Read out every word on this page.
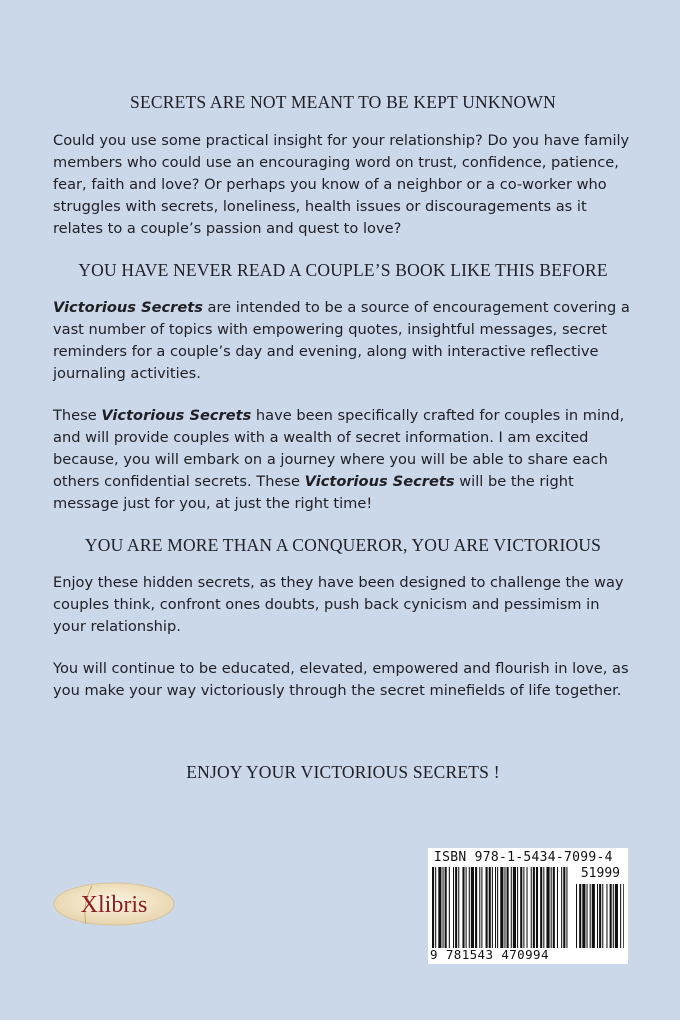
SECRETS ARE NOT MEANT TO BE KEPT UNKNOWN

Could you use some practical insight for your relationship? Do you have family members who could use an encouraging word on trust, confidence, patience, fear, faith and love? Or perhaps you know of a neighbor or a co-worker who struggles with secrets, loneliness, health issues or discouragements as it relates to a couple’s passion and quest to love?

YOU HAVE NEVER READ A COUPLE’S BOOK LIKE THIS BEFORE

Victorious Secrets are intended to be a source of encouragement covering a vast number of topics with empowering quotes, insightful messages, secret reminders for a couple’s day and evening, along with interactive reflective journaling activities.

These Victorious Secrets have been specifically crafted for couples in mind, and will provide couples with a wealth of secret information. I am excited because, you will embark on a journey where you will be able to share each others confidential secrets. These Victorious Secrets will be the right message just for you, at just the right time!

YOU ARE MORE THAN A CONQUEROR, YOU ARE VICTORIOUS

Enjoy these hidden secrets, as they have been designed to challenge the way couples think, confront ones doubts, push back cynicism and pessimism in your relationship.

You will continue to be educated, elevated, empowered and flourish in love, as you make your way victoriously through the secret minefields of life together.

ENJOY YOUR VICTORIOUS SECRETS !
Xlibris
ISBN 978-1-5434-7099-4
51999
9 781543 470994
